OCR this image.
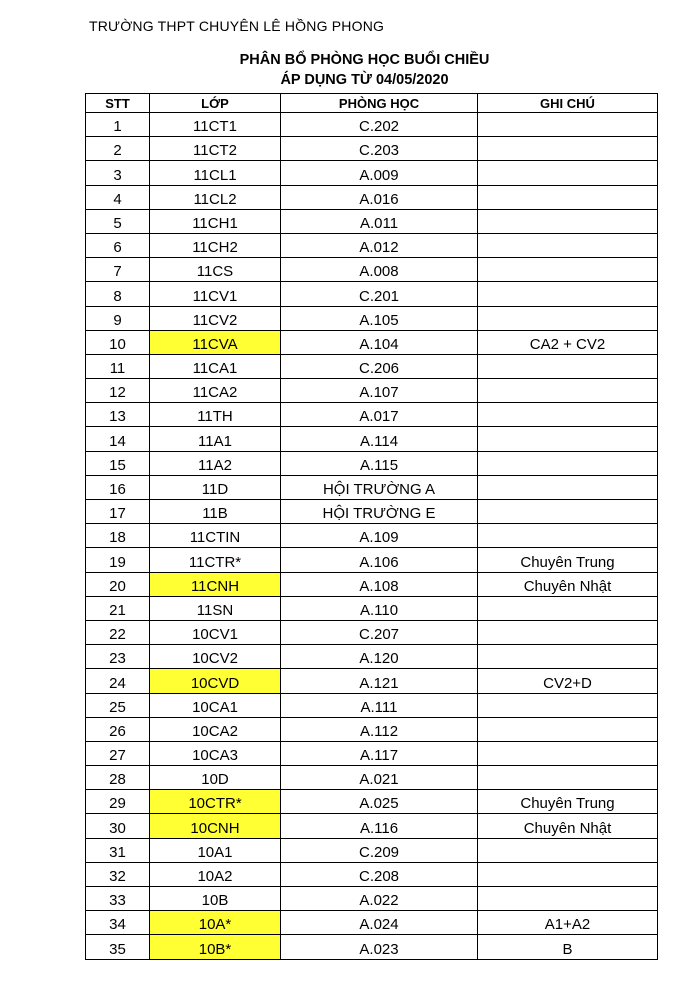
TRƯỜNG THPT CHUYÊN LÊ HỒNG PHONG
PHÂN BỔ PHÒNG HỌC BUỔI CHIỀU
ÁP DỤNG TỪ 04/05/2020
STT	LỚP	PHÒNG HỌC	GHI CHÚ
1	11CT1	C.202	
2	11CT2	C.203	
3	11CL1	A.009	
4	11CL2	A.016	
5	11CH1	A.011	
6	11CH2	A.012	
7	11CS	A.008	
8	11CV1	C.201	
9	11CV2	A.105	
10	11CVA	A.104	CA2 + CV2
11	11CA1	C.206	
12	11CA2	A.107	
13	11TH	A.017	
14	11A1	A.114	
15	11A2	A.115	
16	11D	HỘI TRƯỜNG A	
17	11B	HỘI TRƯỜNG E	
18	11CTIN	A.109	
19	11CTR*	A.106	Chuyên Trung
20	11CNH	A.108	Chuyên Nhật
21	11SN	A.110	
22	10CV1	C.207	
23	10CV2	A.120	
24	10CVD	A.121	CV2+D
25	10CA1	A.111	
26	10CA2	A.112	
27	10CA3	A.117	
28	10D	A.021	
29	10CTR*	A.025	Chuyên Trung
30	10CNH	A.116	Chuyên Nhật
31	10A1	C.209	
32	10A2	C.208	
33	10B	A.022	
34	10A*	A.024	A1+A2
35	10B*	A.023	B
